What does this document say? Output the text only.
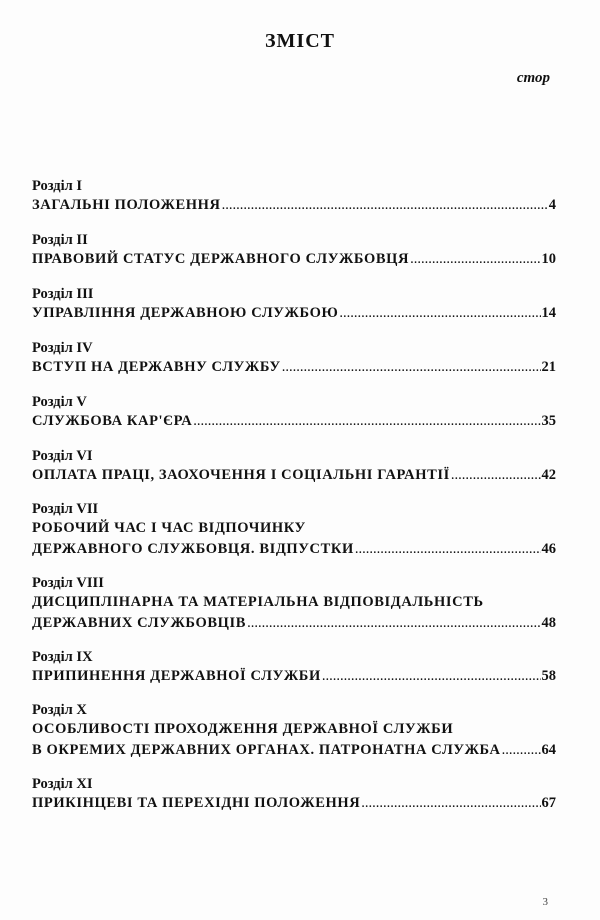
ЗМІСТ
стор
Розділ І
ЗАГАЛЬНІ ПОЛОЖЕННЯ .....	4
Розділ ІІ
ПРАВОВИЙ СТАТУС ДЕРЖАВНОГО СЛУЖБОВЦЯ .....	10
Розділ ІІІ
УПРАВЛІННЯ ДЕРЖАВНОЮ СЛУЖБОЮ .....	14
Розділ ІV
ВСТУП НА ДЕРЖАВНУ СЛУЖБУ .....	21
Розділ V
СЛУЖБОВА КАР'ЄРА .....	35
Розділ VІ
ОПЛАТА ПРАЦІ, ЗАОХОЧЕННЯ І СОЦІАЛЬНІ ГАРАНТІЇ .....	42
Розділ VІІ
РОБОЧИЙ ЧАС І ЧАС ВІДПОЧИНКУ
ДЕРЖАВНОГО СЛУЖБОВЦЯ. ВІДПУСТКИ .....	46
Розділ VІІІ
ДИСЦИПЛІНАРНА ТА МАТЕРІАЛЬНА ВІДПОВІДАЛЬНІСТЬ
ДЕРЖАВНИХ СЛУЖБОВЦІВ .....	48
Розділ ІХ
ПРИПИНЕННЯ ДЕРЖАВНОЇ СЛУЖБИ .....	58
Розділ Х
ОСОБЛИВОСТІ ПРОХОДЖЕННЯ ДЕРЖАВНОЇ СЛУЖБИ
В ОКРЕМИХ ДЕРЖАВНИХ ОРГАНАХ. ПАТРОНАТНА СЛУЖБА .....	64
Розділ ХІ
ПРИКІНЦЕВІ ТА ПЕРЕХІДНІ ПОЛОЖЕННЯ .....	67
3
